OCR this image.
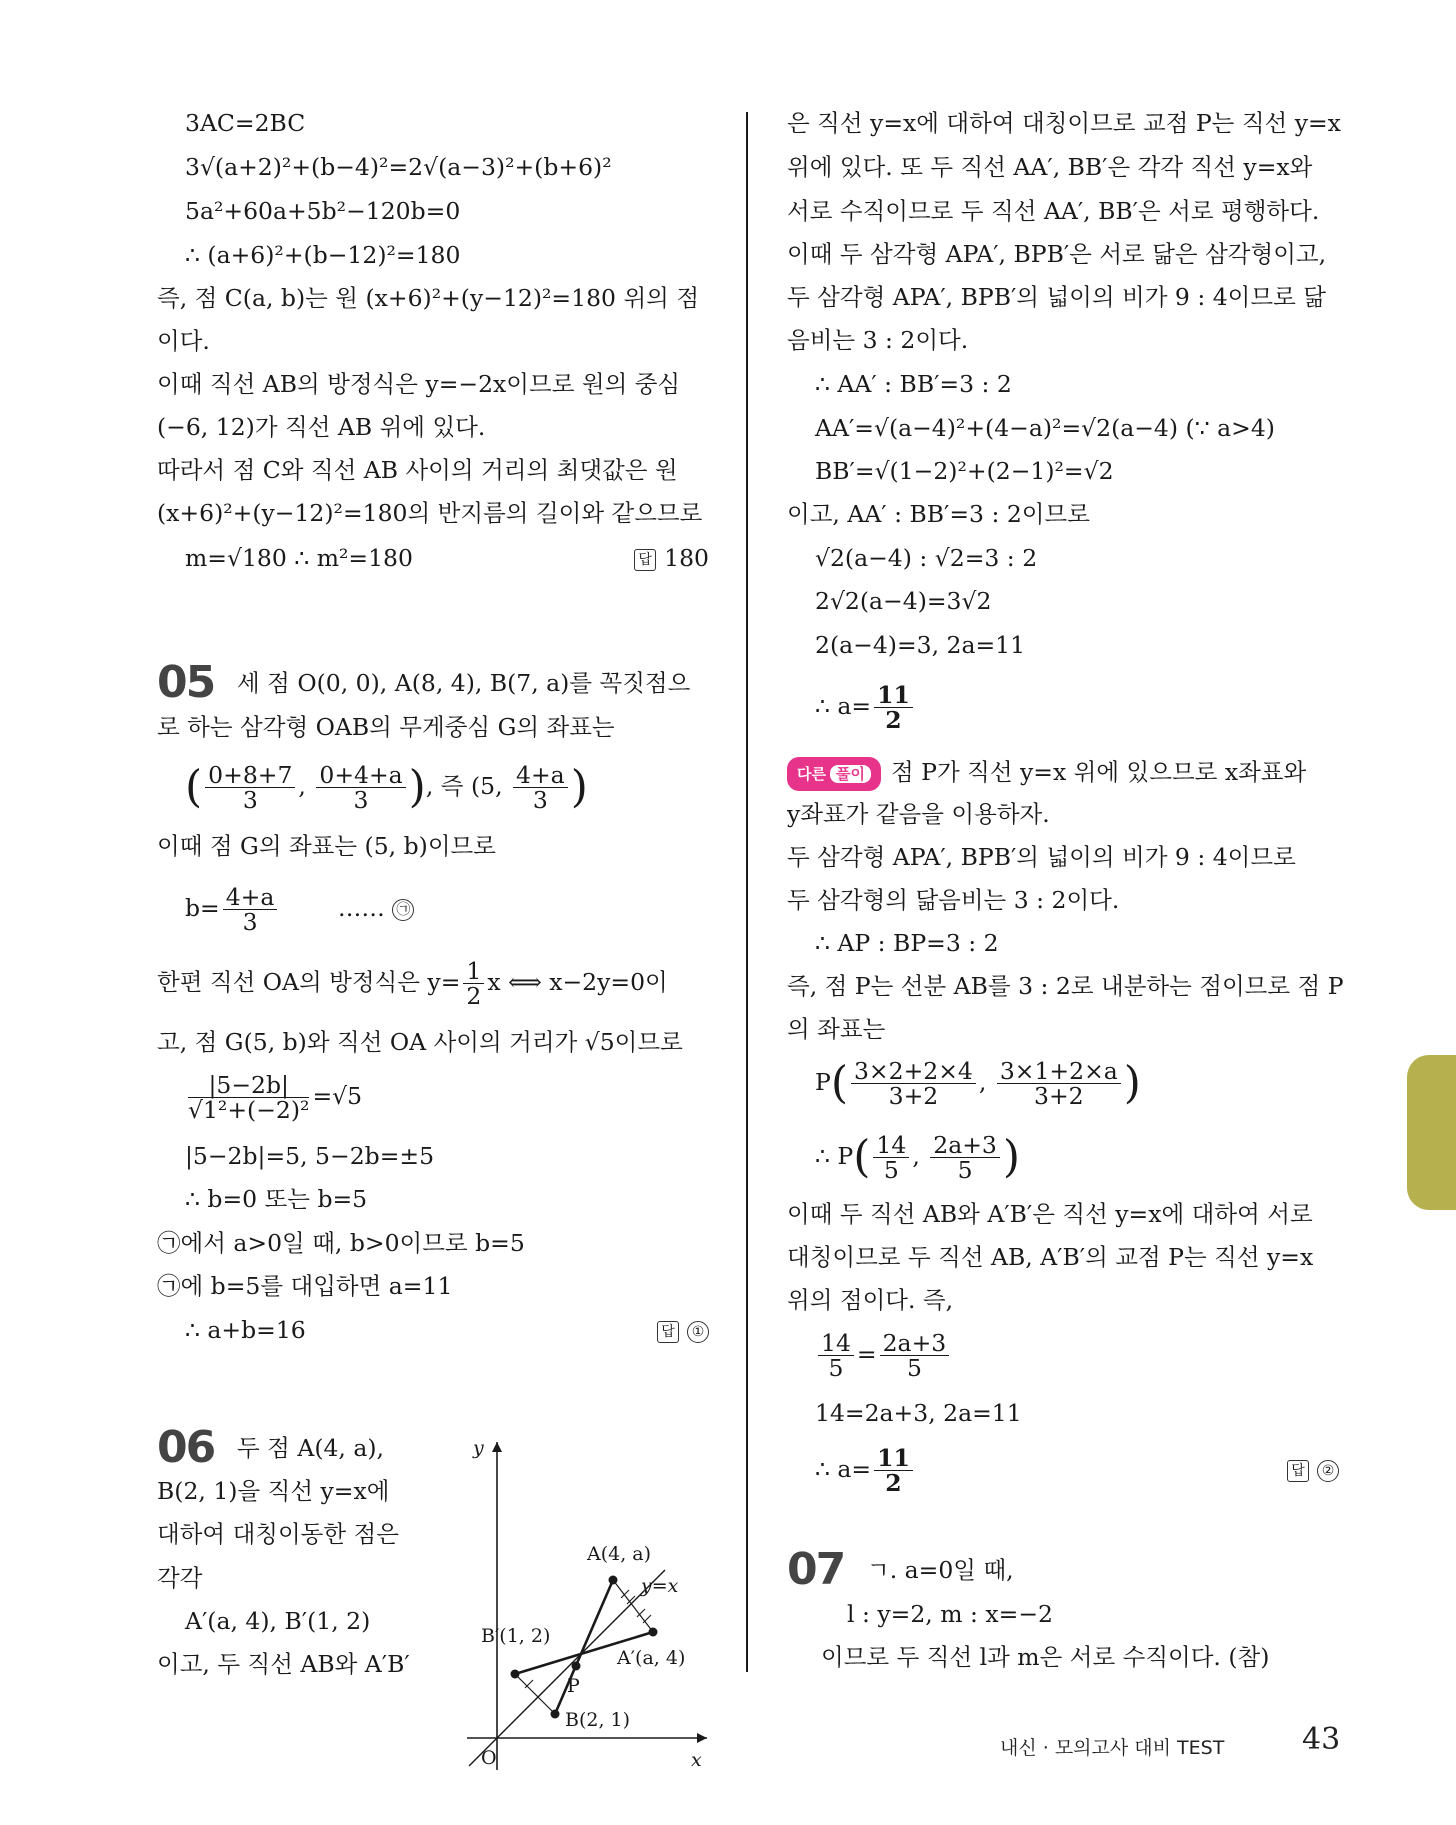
3AC=2BC
3√(a+2)²+(b−4)²=2√(a−3)²+(b+6)²
5a²+60a+5b²−120b=0
∴ (a+6)²+(b−12)²=180
즉, 점 C(a, b)는 원 (x+6)²+(y−12)²=180 위의 점
이다.
이때 직선 AB의 방정식은 y=−2x이므로 원의 중심
(−6, 12)가 직선 AB 위에 있다.
따라서 점 C와 직선 AB 사이의 거리의 최댓값은 원
(x+6)²+(y−12)²=180의 반지름의 길이와 같으므로
m=√180 ∴ m²=180	답 180
05 세 점 O(0, 0), A(8, 4), B(7, a)를 꼭짓점으
로 하는 삼각형 OAB의 무게중심 G의 좌표는
( $\frac{0+8+7}{3}$ , $\frac{0+4+a}{3}$ ), 즉 (5, $\frac{4+a}{3}$ )
이때 점 G의 좌표는 (5, b)이므로
$b= \frac{4+a}{3}$	…… ㉠
한편 직선 OA의 방정식은 $y= \frac{1}{2}$ x ⟺ x−2y=0이
고, 점 G(5, b)와 직선 OA 사이의 거리가 √5이므로
$\frac{|5-2b|}{\text{√1²+(−2)²}} =√5$
|5−2b|=5, 5−2b=±5
∴ b=0 또는 b=5
㉠에서 a>0일 때, b>0이므로 b=5
㉠에 b=5를 대입하면 a=11
∴ a+b=16	답 ①
06 두 점 A(4, a),
B(2, 1)을 직선 y=x에
대하여 대칭이동한 점은
각각
A′(a, 4), B′(1, 2)
이고, 두 직선 AB와 A′B′
y
x
O
A(4, a)
y=x
B′(1, 2)
A′(a, 4)
P
B(2, 1)
은 직선 y=x에 대하여 대칭이므로 교점 P는 직선 y=x
위에 있다. 또 두 직선 AA′, BB′은 각각 직선 y=x와
서로 수직이므로 두 직선 AA′, BB′은 서로 평행하다.
이때 두 삼각형 APA′, BPB′은 서로 닮은 삼각형이고,
두 삼각형 APA′, BPB′의 넓이의 비가 9 : 4이므로 닮
음비는 3 : 2이다.
∴ AA′ : BB′=3 : 2
AA′=√(a−4)²+(4−a)²=√2(a−4) (∵ a>4)
BB′=√(1−2)²+(2−1)²=√2
이고, AA′ : BB′=3 : 2이므로
√2(a−4) : √2=3 : 2
2√2(a−4)=3√2
2(a−4)=3, 2a=11
∴ $a= \frac{11}{2}$
다른 풀이 점 P가 직선 y=x 위에 있으므로 x좌표와
y좌표가 같음을 이용하자.
두 삼각형 APA′, BPB′의 넓이의 비가 9 : 4이므로
두 삼각형의 닮음비는 3 : 2이다.
∴ AP : BP=3 : 2
즉, 점 P는 선분 AB를 3 : 2로 내분하는 점이므로 점 P
의 좌표는
$P( \frac{3\times 2+2\times 4}{3+2}$ , $\frac{3\times 1+2\times a}{3+2}$ )
∴ $P( \frac{14}{5}$ , $\frac{2a+3}{5}$ )
이때 두 직선 AB와 A′B′은 직선 y=x에 대하여 서로
대칭이므로 두 직선 AB, A′B′의 교점 P는 직선 y=x
위의 점이다. 즉,
$\frac{14}{5} = \frac{2a+3}{5}$
14=2a+3, 2a=11
∴ $a= \frac{11}{2}$	답 ②
07 ㄱ. a=0일 때,
l : y=2, m : x=−2
이므로 두 직선 l과 m은 서로 수직이다. (참)
내신 · 모의고사 대비 TEST	43
